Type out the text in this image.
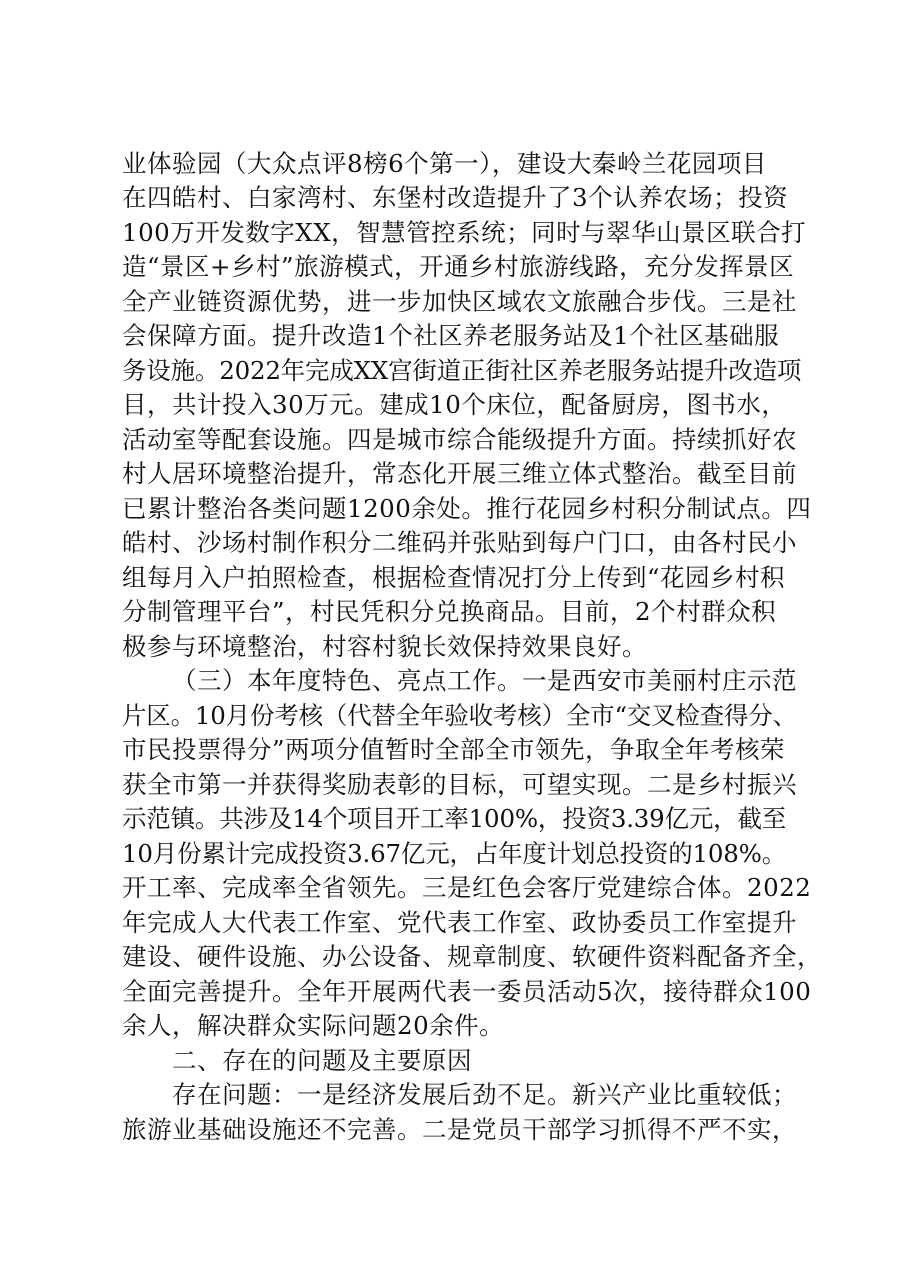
业体验园（大众点评8榜6个第一），建设大秦岭兰花园项目
在四皓村、白家湾村、东堡村改造提升了3个认养农场；投资
100万开发数字XX，智慧管控系统；同时与翠华山景区联合打
造“景区+乡村”旅游模式，开通乡村旅游线路，充分发挥景区
全产业链资源优势，进一步加快区域农文旅融合步伐。三是社
会保障方面。提升改造1个社区养老服务站及1个社区基础服
务设施。2022年完成XX宫街道正街社区养老服务站提升改造项
目，共计投入30万元。建成10个床位，配备厨房，图书水，
活动室等配套设施。四是城市综合能级提升方面。持续抓好农
村人居环境整治提升，常态化开展三维立体式整治。截至目前
已累计整治各类问题1200余处。推行花园乡村积分制试点。四
皓村、沙场村制作积分二维码并张贴到每户门口，由各村民小
组每月入户拍照检查，根据检查情况打分上传到“花园乡村积
分制管理平台”，村民凭积分兑换商品。目前，2个村群众积
极参与环境整治，村容村貌长效保持效果良好。
（三）本年度特色、亮点工作。一是西安市美丽村庄示范
片区。10月份考核（代替全年验收考核）全市“交叉检查得分、
市民投票得分”两项分值暂时全部全市领先，争取全年考核荣
获全市第一并获得奖励表彰的目标，可望实现。二是乡村振兴
示范镇。共涉及14个项目开工率100%，投资3.39亿元，截至
10月份累计完成投资3.67亿元，占年度计划总投资的108%。
开工率、完成率全省领先。三是红色会客厅党建综合体。2022
年完成人大代表工作室、党代表工作室、政协委员工作室提升
建设、硬件设施、办公设备、规章制度、软硬件资料配备齐全，
全面完善提升。全年开展两代表一委员活动5次，接待群众100
余人，解决群众实际问题20余件。
二、存在的问题及主要原因
存在问题：一是经济发展后劲不足。新兴产业比重较低；
旅游业基础设施还不完善。二是党员干部学习抓得不严不实，
